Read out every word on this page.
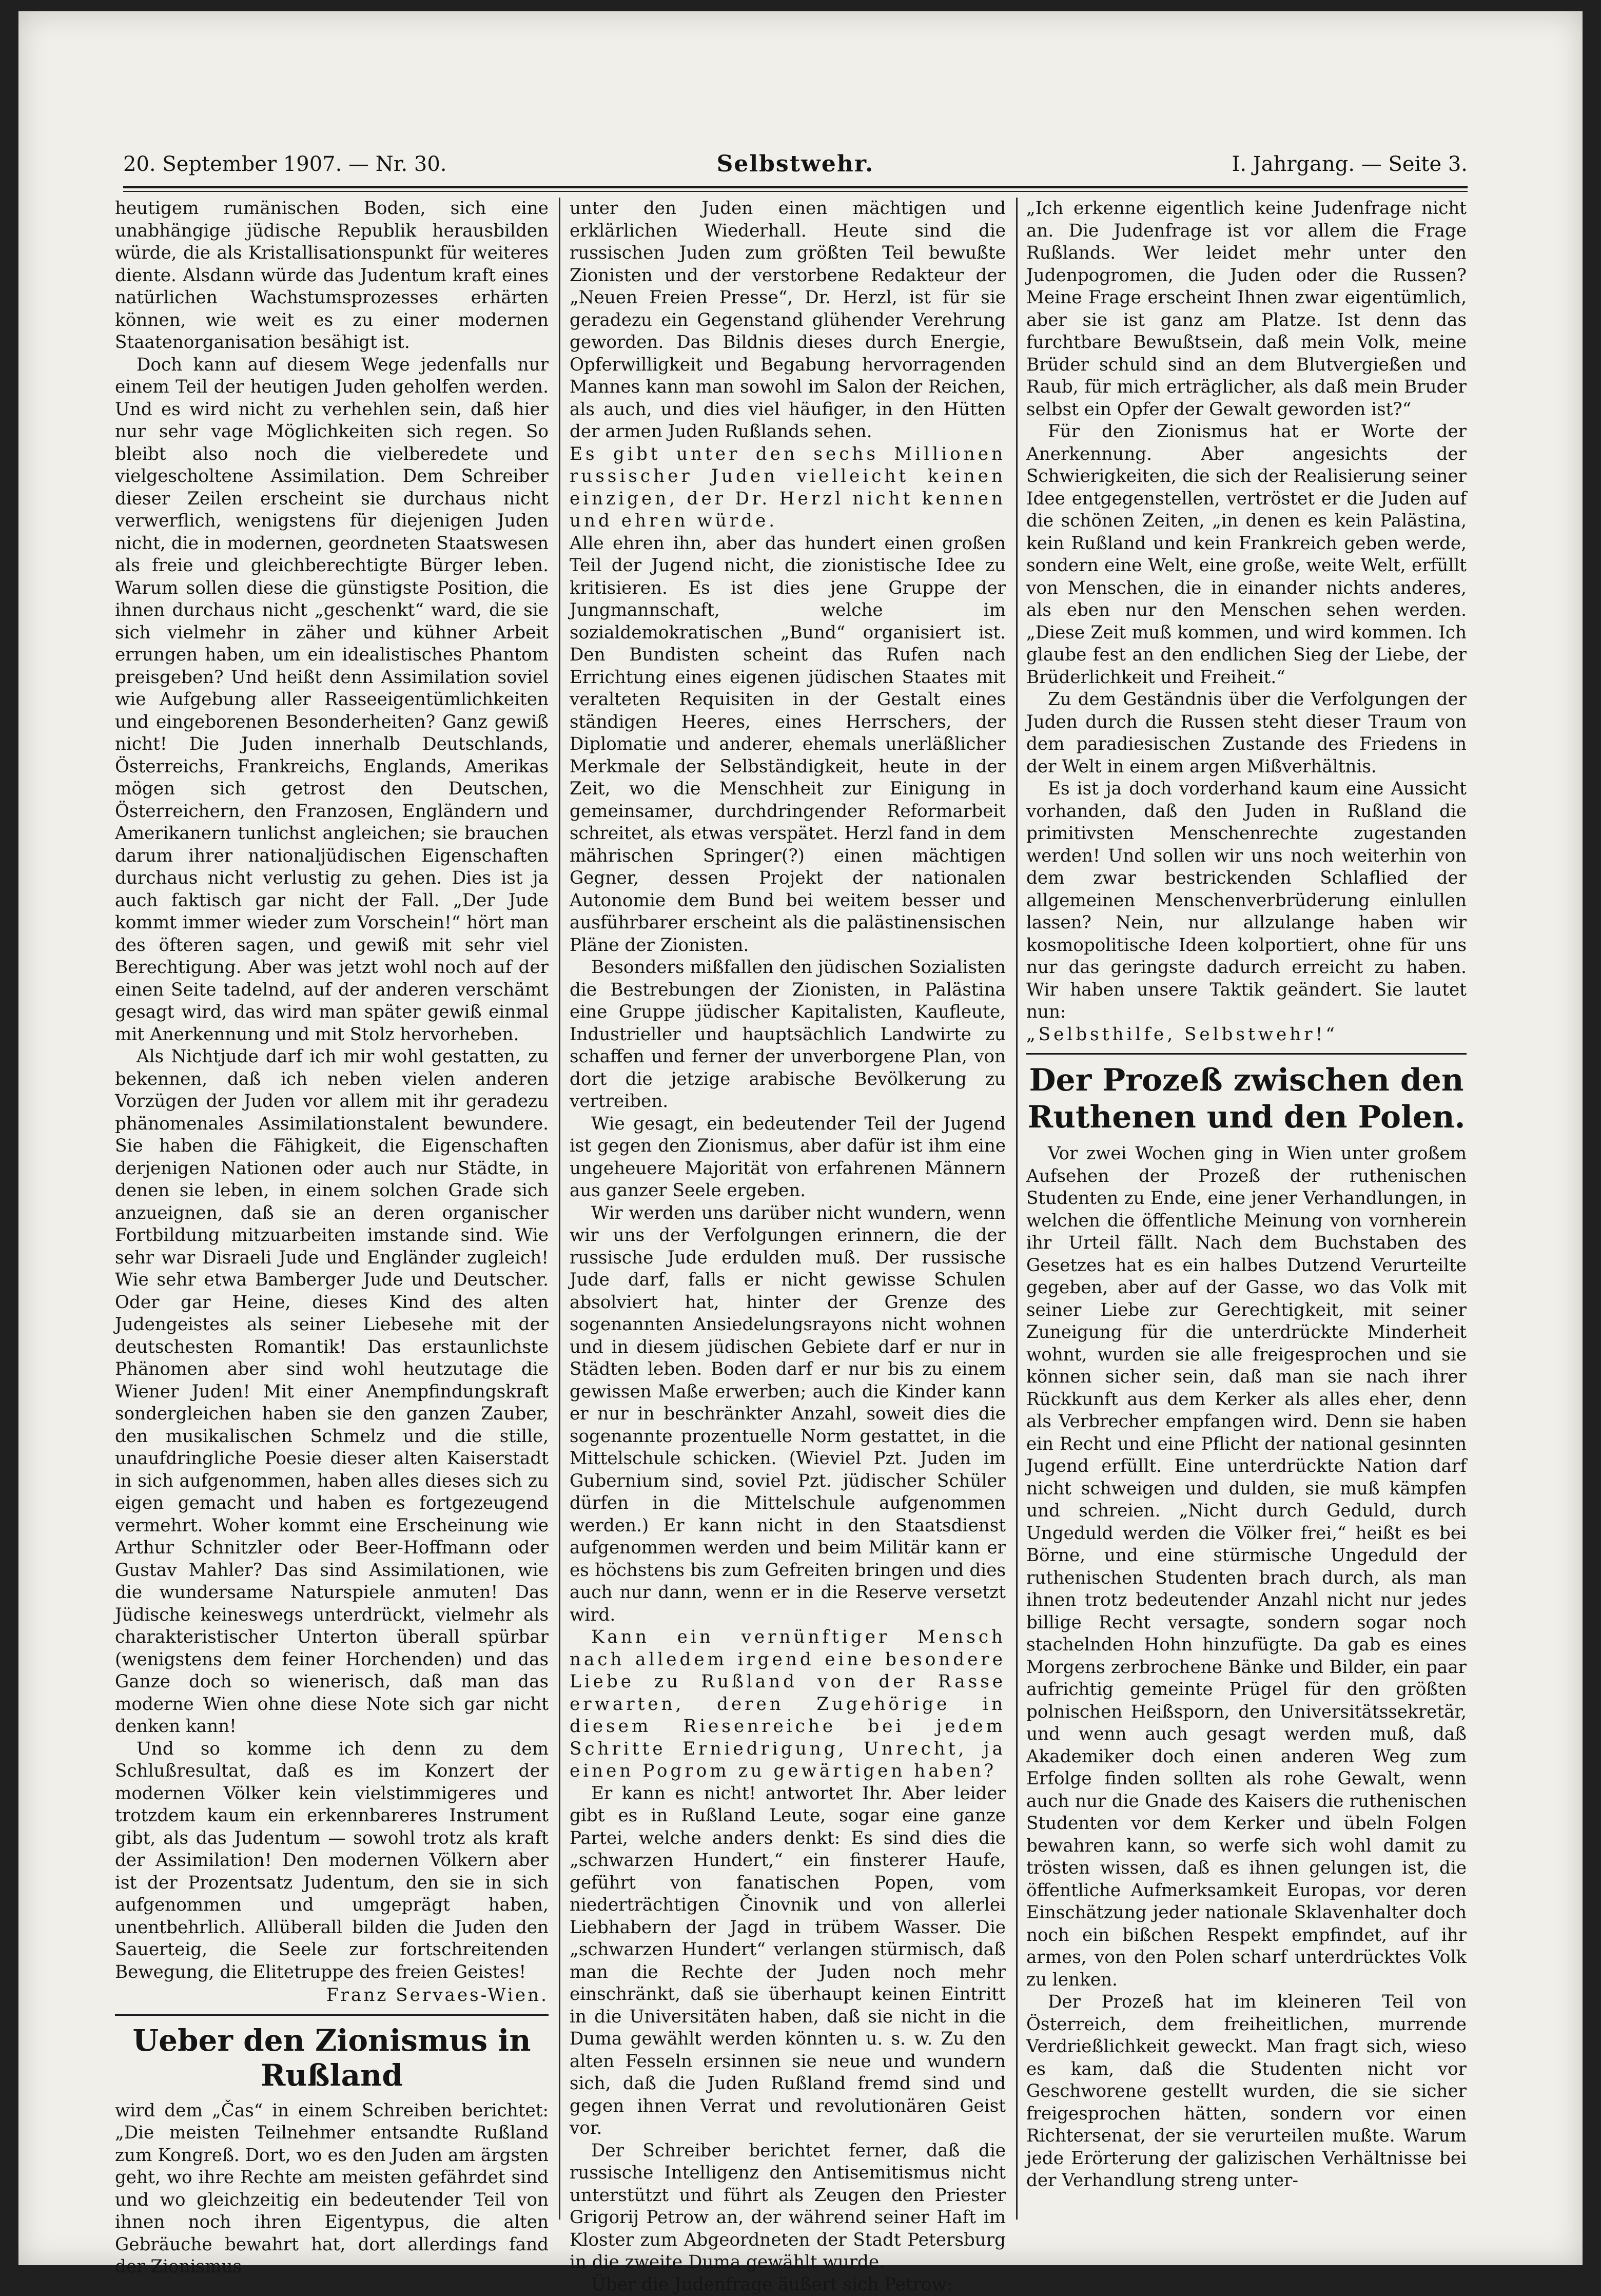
20. September 1907. — Nr. 30.	Selbstwehr.	I. Jahrgang. — Seite 3.

heutigem rumänischen Boden, sich eine unabhängige jüdische Republik herausbilden würde, die als Kristallisationspunkt für weiteres diente. Alsdann würde das Judentum kraft eines natürlichen Wachstumsprozesses erhärten können, wie weit es zu einer modernen Staatenorganisation besähigt ist.

Doch kann auf diesem Wege jedenfalls nur einem Teil der heutigen Juden geholfen werden. Und es wird nicht zu verhehlen sein, daß hier nur sehr vage Möglichkeiten sich regen. So bleibt also noch die vielberedete und vielgescholtene Assimilation. Dem Schreiber dieser Zeilen erscheint sie durchaus nicht verwerflich, wenigstens für diejenigen Juden nicht, die in modernen, geordneten Staatswesen als freie und gleichberechtigte Bürger leben. Warum sollen diese die günstigste Position, die ihnen durchaus nicht „geschenkt“ ward, die sie sich vielmehr in zäher und kühner Arbeit errungen haben, um ein idealistisches Phantom preisgeben? Und heißt denn Assimilation soviel wie Aufgebung aller Rasseeigentümlichkeiten und eingeborenen Besonderheiten? Ganz gewiß nicht! Die Juden innerhalb Deutschlands, Österreichs, Frankreichs, Englands, Amerikas mögen sich getrost den Deutschen, Österreichern, den Franzosen, Engländern und Amerikanern tunlichst angleichen; sie brauchen darum ihrer nationaljüdischen Eigenschaften durchaus nicht verlustig zu gehen. Dies ist ja auch faktisch gar nicht der Fall. „Der Jude kommt immer wieder zum Vorschein!“ hört man des öfteren sagen, und gewiß mit sehr viel Berechtigung. Aber was jetzt wohl noch auf der einen Seite tadelnd, auf der anderen verschämt gesagt wird, das wird man später gewiß einmal mit Anerkennung und mit Stolz hervorheben.

Als Nichtjude darf ich mir wohl gestatten, zu bekennen, daß ich neben vielen anderen Vorzügen der Juden vor allem mit ihr geradezu phänomenales Assimilationstalent bewundere. Sie haben die Fähigkeit, die Eigenschaften derjenigen Nationen oder auch nur Städte, in denen sie leben, in einem solchen Grade sich anzueignen, daß sie an deren organischer Fortbildung mitzuarbeiten imstande sind. Wie sehr war Disraeli Jude und Engländer zugleich! Wie sehr etwa Bamberger Jude und Deutscher. Oder gar Heine, dieses Kind des alten Judengeistes als seiner Liebesehe mit der deutschesten Romantik! Das erstaunlichste Phänomen aber sind wohl heutzutage die Wiener Juden! Mit einer Anempfindungskraft sondergleichen haben sie den ganzen Zauber, den musikalischen Schmelz und die stille, unaufdringliche Poesie dieser alten Kaiserstadt in sich aufgenommen, haben alles dieses sich zu eigen gemacht und haben es fortgezeugend vermehrt. Woher kommt eine Erscheinung wie Arthur Schnitzler oder Beer-Hoffmann oder Gustav Mahler? Das sind Assimilationen, wie die wundersame Naturspiele anmuten! Das Jüdische keineswegs unterdrückt, vielmehr als charakteristischer Unterton überall spürbar (wenigstens dem feiner Horchenden) und das Ganze doch so wienerisch, daß man das moderne Wien ohne diese Note sich gar nicht denken kann!

Und so komme ich denn zu dem Schlußresultat, daß es im Konzert der modernen Völker kein vielstimmigeres und trotzdem kaum ein erkennbareres Instrument gibt, als das Judentum — sowohl trotz als kraft der Assimilation! Den modernen Völkern aber ist der Prozentsatz Judentum, den sie in sich aufgenommen und umgeprägt haben, unentbehrlich. Allüberall bilden die Juden den Sauerteig, die Seele zur fortschreitenden Bewegung, die Elitetruppe des freien Geistes!

Franz Servaes-Wien.

Ueber den Zionismus in Rußland

wird dem „Čas“ in einem Schreiben berichtet: „Die meisten Teilnehmer entsandte Rußland zum Kongreß. Dort, wo es den Juden am ärgsten geht, wo ihre Rechte am meisten gefährdet sind und wo gleichzeitig ein bedeutender Teil von ihnen noch ihren Eigentypus, die alten Gebräuche bewahrt hat, dort allerdings fand der Zionismus

unter den Juden einen mächtigen und erklärlichen Wiederhall. Heute sind die russischen Juden zum größten Teil bewußte Zionisten und der verstorbene Redakteur der „Neuen Freien Presse“, Dr. Herzl, ist für sie geradezu ein Gegenstand glühender Verehrung geworden. Das Bildnis dieses durch Energie, Opferwilligkeit und Begabung hervorragenden Mannes kann man sowohl im Salon der Reichen, als auch, und dies viel häufiger, in den Hütten der armen Juden Rußlands sehen.

Es gibt unter den sechs Millionen russischer Juden vielleicht keinen einzigen, der Dr. Herzl nicht kennen und ehren würde.

Alle ehren ihn, aber das hundert einen großen Teil der Jugend nicht, die zionistische Idee zu kritisieren. Es ist dies jene Gruppe der Jungmannschaft, welche im sozialdemokratischen „Bund“ organisiert ist. Den Bundisten scheint das Rufen nach Errichtung eines eigenen jüdischen Staates mit veralteten Requisiten in der Gestalt eines ständigen Heeres, eines Herrschers, der Diplomatie und anderer, ehemals unerläßlicher Merkmale der Selbständigkeit, heute in der Zeit, wo die Menschheit zur Einigung in gemeinsamer, durchdringender Reformarbeit schreitet, als etwas verspätet. Herzl fand in dem mährischen Springer(?) einen mächtigen Gegner, dessen Projekt der nationalen Autonomie dem Bund bei weitem besser und ausführbarer erscheint als die palästinensischen Pläne der Zionisten.

Besonders mißfallen den jüdischen Sozialisten die Bestrebungen der Zionisten, in Palästina eine Gruppe jüdischer Kapitalisten, Kaufleute, Industrieller und hauptsächlich Landwirte zu schaffen und ferner der unverborgene Plan, von dort die jetzige arabische Bevölkerung zu vertreiben.

Wie gesagt, ein bedeutender Teil der Jugend ist gegen den Zionismus, aber dafür ist ihm eine ungeheuere Majorität von erfahrenen Männern aus ganzer Seele ergeben.

Wir werden uns darüber nicht wundern, wenn wir uns der Verfolgungen erinnern, die der russische Jude erdulden muß. Der russische Jude darf, falls er nicht gewisse Schulen absolviert hat, hinter der Grenze des sogenannten Ansiedelungsrayons nicht wohnen und in diesem jüdischen Gebiete darf er nur in Städten leben. Boden darf er nur bis zu einem gewissen Maße erwerben; auch die Kinder kann er nur in beschränkter Anzahl, soweit dies die sogenannte prozentuelle Norm gestattet, in die Mittelschule schicken. (Wieviel Pzt. Juden im Gubernium sind, soviel Pzt. jüdischer Schüler dürfen in die Mittelschule aufgenommen werden.) Er kann nicht in den Staatsdienst aufgenommen werden und beim Militär kann er es höchstens bis zum Gefreiten bringen und dies auch nur dann, wenn er in die Reserve versetzt wird.

Kann ein vernünftiger Mensch nach alledem irgend eine besondere Liebe zu Rußland von der Rasse erwarten, deren Zugehörige in diesem Riesenreiche bei jedem Schritte Erniedrigung, Unrecht, ja einen Pogrom zu gewärtigen haben?

Er kann es nicht! antwortet Ihr. Aber leider gibt es in Rußland Leute, sogar eine ganze Partei, welche anders denkt: Es sind dies die „schwarzen Hundert,“ ein finsterer Haufe, geführt von fanatischen Popen, vom niederträchtigen Činovnik und von allerlei Liebhabern der Jagd in trübem Wasser. Die „schwarzen Hundert“ verlangen stürmisch, daß man die Rechte der Juden noch mehr einschränkt, daß sie überhaupt keinen Eintritt in die Universitäten haben, daß sie nicht in die Duma gewählt werden könnten u. s. w. Zu den alten Fesseln ersinnen sie neue und wundern sich, daß die Juden Rußland fremd sind und gegen ihnen Verrat und revolutionären Geist vor.

Der Schreiber berichtet ferner, daß die russische Intelligenz den Antisemitismus nicht unterstützt und führt als Zeugen den Priester Grigorij Petrow an, der während seiner Haft im Kloster zum Abgeordneten der Stadt Petersburg in die zweite Duma gewählt wurde.

Über die Judenfrage äußert sich Petrow:

„Ich erkenne eigentlich keine Judenfrage nicht an. Die Judenfrage ist vor allem die Frage Rußlands. Wer leidet mehr unter den Judenpogromen, die Juden oder die Russen? Meine Frage erscheint Ihnen zwar eigentümlich, aber sie ist ganz am Platze. Ist denn das furchtbare Bewußtsein, daß mein Volk, meine Brüder schuld sind an dem Blutvergießen und Raub, für mich erträglicher, als daß mein Bruder selbst ein Opfer der Gewalt geworden ist?“

Für den Zionismus hat er Worte der Anerkennung. Aber angesichts der Schwierigkeiten, die sich der Realisierung seiner Idee entgegenstellen, vertröstet er die Juden auf die schönen Zeiten, „in denen es kein Palästina, kein Rußland und kein Frankreich geben werde, sondern eine Welt, eine große, weite Welt, erfüllt von Menschen, die in einander nichts anderes, als eben nur den Menschen sehen werden. „Diese Zeit muß kommen, und wird kommen. Ich glaube fest an den endlichen Sieg der Liebe, der Brüderlichkeit und Freiheit.“

Zu dem Geständnis über die Verfolgungen der Juden durch die Russen steht dieser Traum von dem paradiesischen Zustande des Friedens in der Welt in einem argen Mißverhältnis.

Es ist ja doch vorderhand kaum eine Aussicht vorhanden, daß den Juden in Rußland die primitivsten Menschenrechte zugestanden werden! Und sollen wir uns noch weiterhin von dem zwar bestrickenden Schlaflied der allgemeinen Menschenverbrüderung einlullen lassen? Nein, nur allzulange haben wir kosmopolitische Ideen kolportiert, ohne für uns nur das geringste dadurch erreicht zu haben. Wir haben unsere Taktik geändert. Sie lautet nun:

„Selbsthilfe, Selbstwehr!“

Der Prozeß zwischen den Ruthenen und den Polen.

Vor zwei Wochen ging in Wien unter großem Aufsehen der Prozeß der ruthenischen Studenten zu Ende, eine jener Verhandlungen, in welchen die öffentliche Meinung von vornherein ihr Urteil fällt. Nach dem Buchstaben des Gesetzes hat es ein halbes Dutzend Verurteilte gegeben, aber auf der Gasse, wo das Volk mit seiner Liebe zur Gerechtigkeit, mit seiner Zuneigung für die unterdrückte Minderheit wohnt, wurden sie alle freigesprochen und sie können sicher sein, daß man sie nach ihrer Rückkunft aus dem Kerker als alles eher, denn als Verbrecher empfangen wird. Denn sie haben ein Recht und eine Pflicht der national gesinnten Jugend erfüllt. Eine unterdrückte Nation darf nicht schweigen und dulden, sie muß kämpfen und schreien. „Nicht durch Geduld, durch Ungeduld werden die Völker frei,“ heißt es bei Börne, und eine stürmische Ungeduld der ruthenischen Studenten brach durch, als man ihnen trotz bedeutender Anzahl nicht nur jedes billige Recht versagte, sondern sogar noch stachelnden Hohn hinzufügte. Da gab es eines Morgens zerbrochene Bänke und Bilder, ein paar aufrichtig gemeinte Prügel für den größten polnischen Heißsporn, den Universitätssekretär, und wenn auch gesagt werden muß, daß Akademiker doch einen anderen Weg zum Erfolge finden sollten als rohe Gewalt, wenn auch nur die Gnade des Kaisers die ruthenischen Studenten vor dem Kerker und übeln Folgen bewahren kann, so werfe sich wohl damit zu trösten wissen, daß es ihnen gelungen ist, die öffentliche Aufmerksamkeit Europas, vor deren Einschätzung jeder nationale Sklavenhalter doch noch ein bißchen Respekt empfindet, auf ihr armes, von den Polen scharf unterdrücktes Volk zu lenken.

Der Prozeß hat im kleineren Teil von Österreich, dem freiheitlichen, murrende Verdrießlichkeit geweckt. Man fragt sich, wieso es kam, daß die Studenten nicht vor Geschworene gestellt wurden, die sie sicher freigesprochen hätten, sondern vor einen Richtersenat, der sie verurteilen mußte. Warum jede Erörterung der galizischen Verhältnisse bei der Verhandlung streng unter-
